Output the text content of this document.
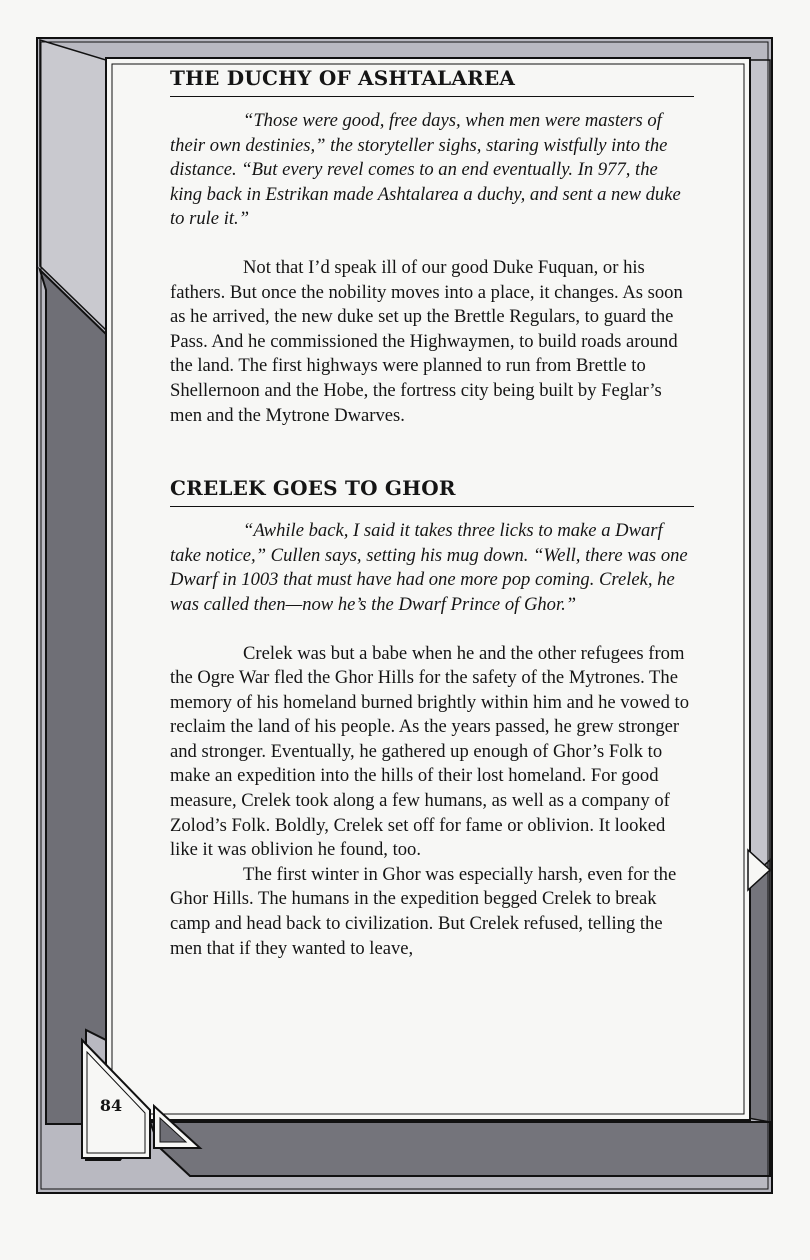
84
THE DUCHY OF ASHTALAREA

“Those were good, free days, when men were masters of their own destinies,” the storyteller sighs, staring wistfully into the distance. “But every revel comes to an end eventually. In 977, the king back in Estrikan made Ashtalarea a duchy, and sent a new duke to rule it.”

Not that I’d speak ill of our good Duke Fuquan, or his fathers. But once the nobility moves into a place, it changes. As soon as he arrived, the new duke set up the Brettle Regulars, to guard the Pass. And he commissioned the Highwaymen, to build roads around the land. The first highways were planned to run from Brettle to Shellernoon and the Hobe, the fortress city being built by Feglar’s men and the Mytrone Dwarves.

CRELEK GOES TO GHOR

“Awhile back, I said it takes three licks to make a Dwarf take notice,” Cullen says, setting his mug down. “Well, there was one Dwarf in 1003 that must have had one more pop coming. Crelek, he was called then—now he’s the Dwarf Prince of Ghor.”

Crelek was but a babe when he and the other refugees from the Ogre War fled the Ghor Hills for the safety of the Mytrones. The memory of his homeland burned brightly within him and he vowed to reclaim the land of his people. As the years passed, he grew stronger and stronger. Eventually, he gathered up enough of Ghor’s Folk to make an expedition into the hills of their lost homeland. For good measure, Crelek took along a few humans, as well as a company of Zolod’s Folk. Boldly, Crelek set off for fame or oblivion. It looked like it was oblivion he found, too.

The first winter in Ghor was especially harsh, even for the Ghor Hills. The humans in the expedition begged Crelek to break camp and head back to civilization. But Crelek refused, telling the men that if they wanted to leave,
